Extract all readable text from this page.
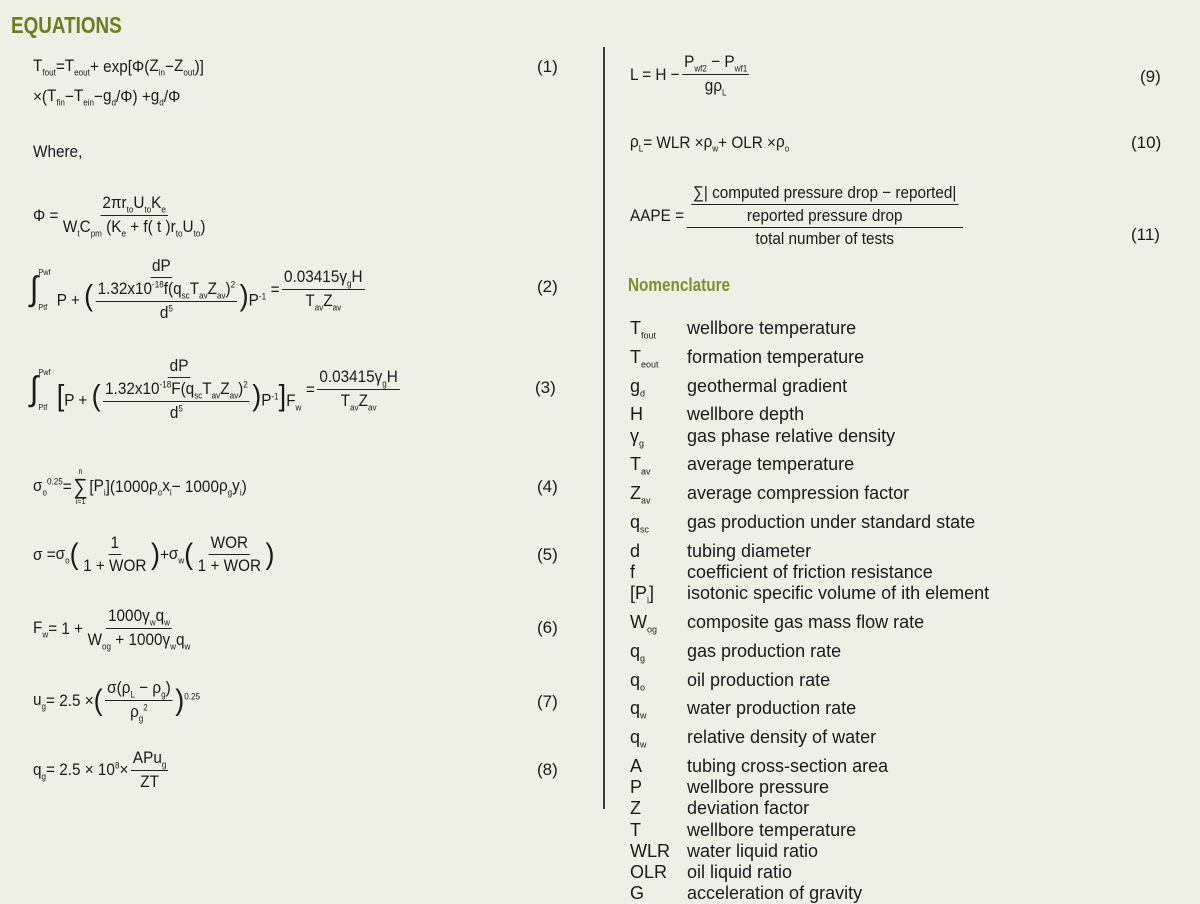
EQUATIONS
$T_{fout} = T_{eout} + \exp[\Phi$( $Z_{in} - Z_{out}$ )]
×( $T_{fin} - T_{ein} - g_d$ $/\Phi) + g_d$ /Φ
(1)
Where,
$\Phi = \frac{2\pi r_{to}U_{to}K_e}{W_tC_{pm} (K_e + f( t )r_{to}U_{to})}$
∫ Pwf
Ptf $\frac{dP}{P + ( \frac{1.32x10^{-18}f(q_{sc}T_{av}Z_{av})^2}{d^5} )P^{-1}} = \frac{0.03415\gamma_gH}{T_{av}Z_{av}}$	(2)
∫ Pwf
Ptf $\frac{dP}{[P + ( \frac{1.32x10^{-18}F(q_{sc}T_{av}Z_{av})^2}{d^5} )P^{-1}]F_w} = \frac{0.03415\gamma_gH}{T_{av}Z_{av}}$	(3)
$\sigma_o^{0.25}$ =
n
∑
i=1
[ $P_i$ ](1000 $\rho_o$ $x_i - 1000$ $\rho_g$ $y_i$ )	(4)
$\sigma = \sigma_o$ ( $\frac{1}{\text{1 + WOR}}$ ) + $\sigma_w$ ( $\frac{\text{WOR}}{\text{1 + WOR}}$ )	(5)
$F_w = 1 + \frac{1000\gamma_wq_w}{W_{og} + 1000\gamma_wq_w}$	(6)
$u_g = 2.5$ × ( $\frac{\sigma(\rho_L - \rho_g)}{\rho_g^2}$ ) $^{0.25}$	(7)
$q_g = 2.5 \times 10$ $^8 \times \frac{APu_g}{ZT}$	(8)
$L = H - \frac{P_{wf2} - P_{wf1}}{g\rho_L}$	(9)
$\rho_L$ = WLR × $\rho_w$ + OLR × $\rho_o$	(10)
AAPE = $\frac{\frac{\text{∑| computed pressure drop − reported|}}{\text{reported pressure drop}}}{\text{total number of tests}}$	(11)
Nomenclature
$T_{fout}$	wellbore temperature
$T_{eout}$	formation temperature
$g_d$	geothermal gradient
H	wellbore depth
$\gamma_g$	gas phase relative density
$T_{av}$	average temperature
$Z_{av}$	average compression factor
$q_{sc}$	gas production under standard state
d	tubing diameter
f	coefficient of friction resistance
$[P_i]$	isotonic specific volume of ith element
$W_{og}$	composite gas mass flow rate
$q_g$	gas production rate
$q_o$	oil production rate
$q_w$	water production rate
$q_w$	relative density of water
A	tubing cross-section area
P	wellbore pressure
Z	deviation factor
T	wellbore temperature
WLR water liquid ratio
OLR	oil liquid ratio
G	acceleration of gravity
